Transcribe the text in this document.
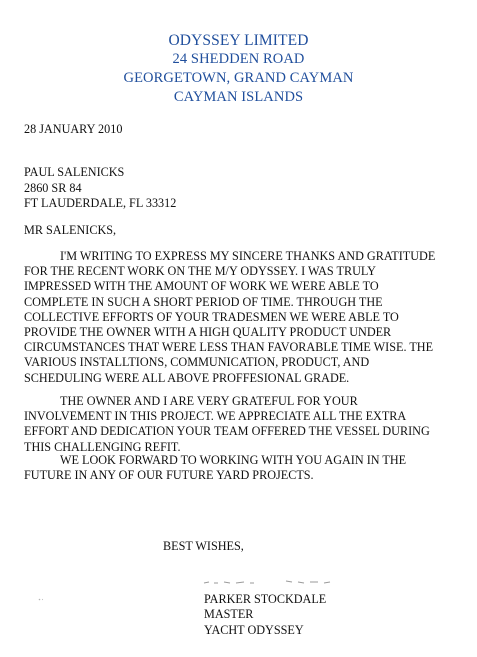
ODYSSEY LIMITED
24 SHEDDEN ROAD
GEORGETOWN, GRAND CAYMAN
CAYMAN ISLANDS
28 JANUARY 2010
PAUL SALENICKS
2860 SR 84
FT LAUDERDALE, FL 33312
MR SALENICKS,
I'M WRITING TO EXPRESS MY SINCERE THANKS AND GRATITUDE
FOR THE RECENT WORK ON THE M/Y ODYSSEY. I WAS TRULY
IMPRESSED WITH THE AMOUNT OF WORK WE WERE ABLE TO
COMPLETE IN SUCH A SHORT PERIOD OF TIME. THROUGH THE
COLLECTIVE EFFORTS OF YOUR TRADESMEN WE WERE ABLE TO
PROVIDE THE OWNER WITH A HIGH QUALITY PRODUCT UNDER
CIRCUMSTANCES THAT WERE LESS THAN FAVORABLE TIME WISE. THE
VARIOUS INSTALLTIONS, COMMUNICATION, PRODUCT, AND
SCHEDULING WERE ALL ABOVE PROFFESIONAL GRADE.
THE OWNER AND I ARE VERY GRATEFUL FOR YOUR
INVOLVEMENT IN THIS PROJECT. WE APPRECIATE ALL THE EXTRA
EFFORT AND DEDICATION YOUR TEAM OFFERED THE VESSEL DURING
THIS CHALLENGING REFIT.
WE LOOK FORWARD TO WORKING WITH YOU AGAIN IN THE
FUTURE IN ANY OF OUR FUTURE YARD PROJECTS.
BEST WISHES,
PARKER STOCKDALE
MASTER
YACHT ODYSSEY
